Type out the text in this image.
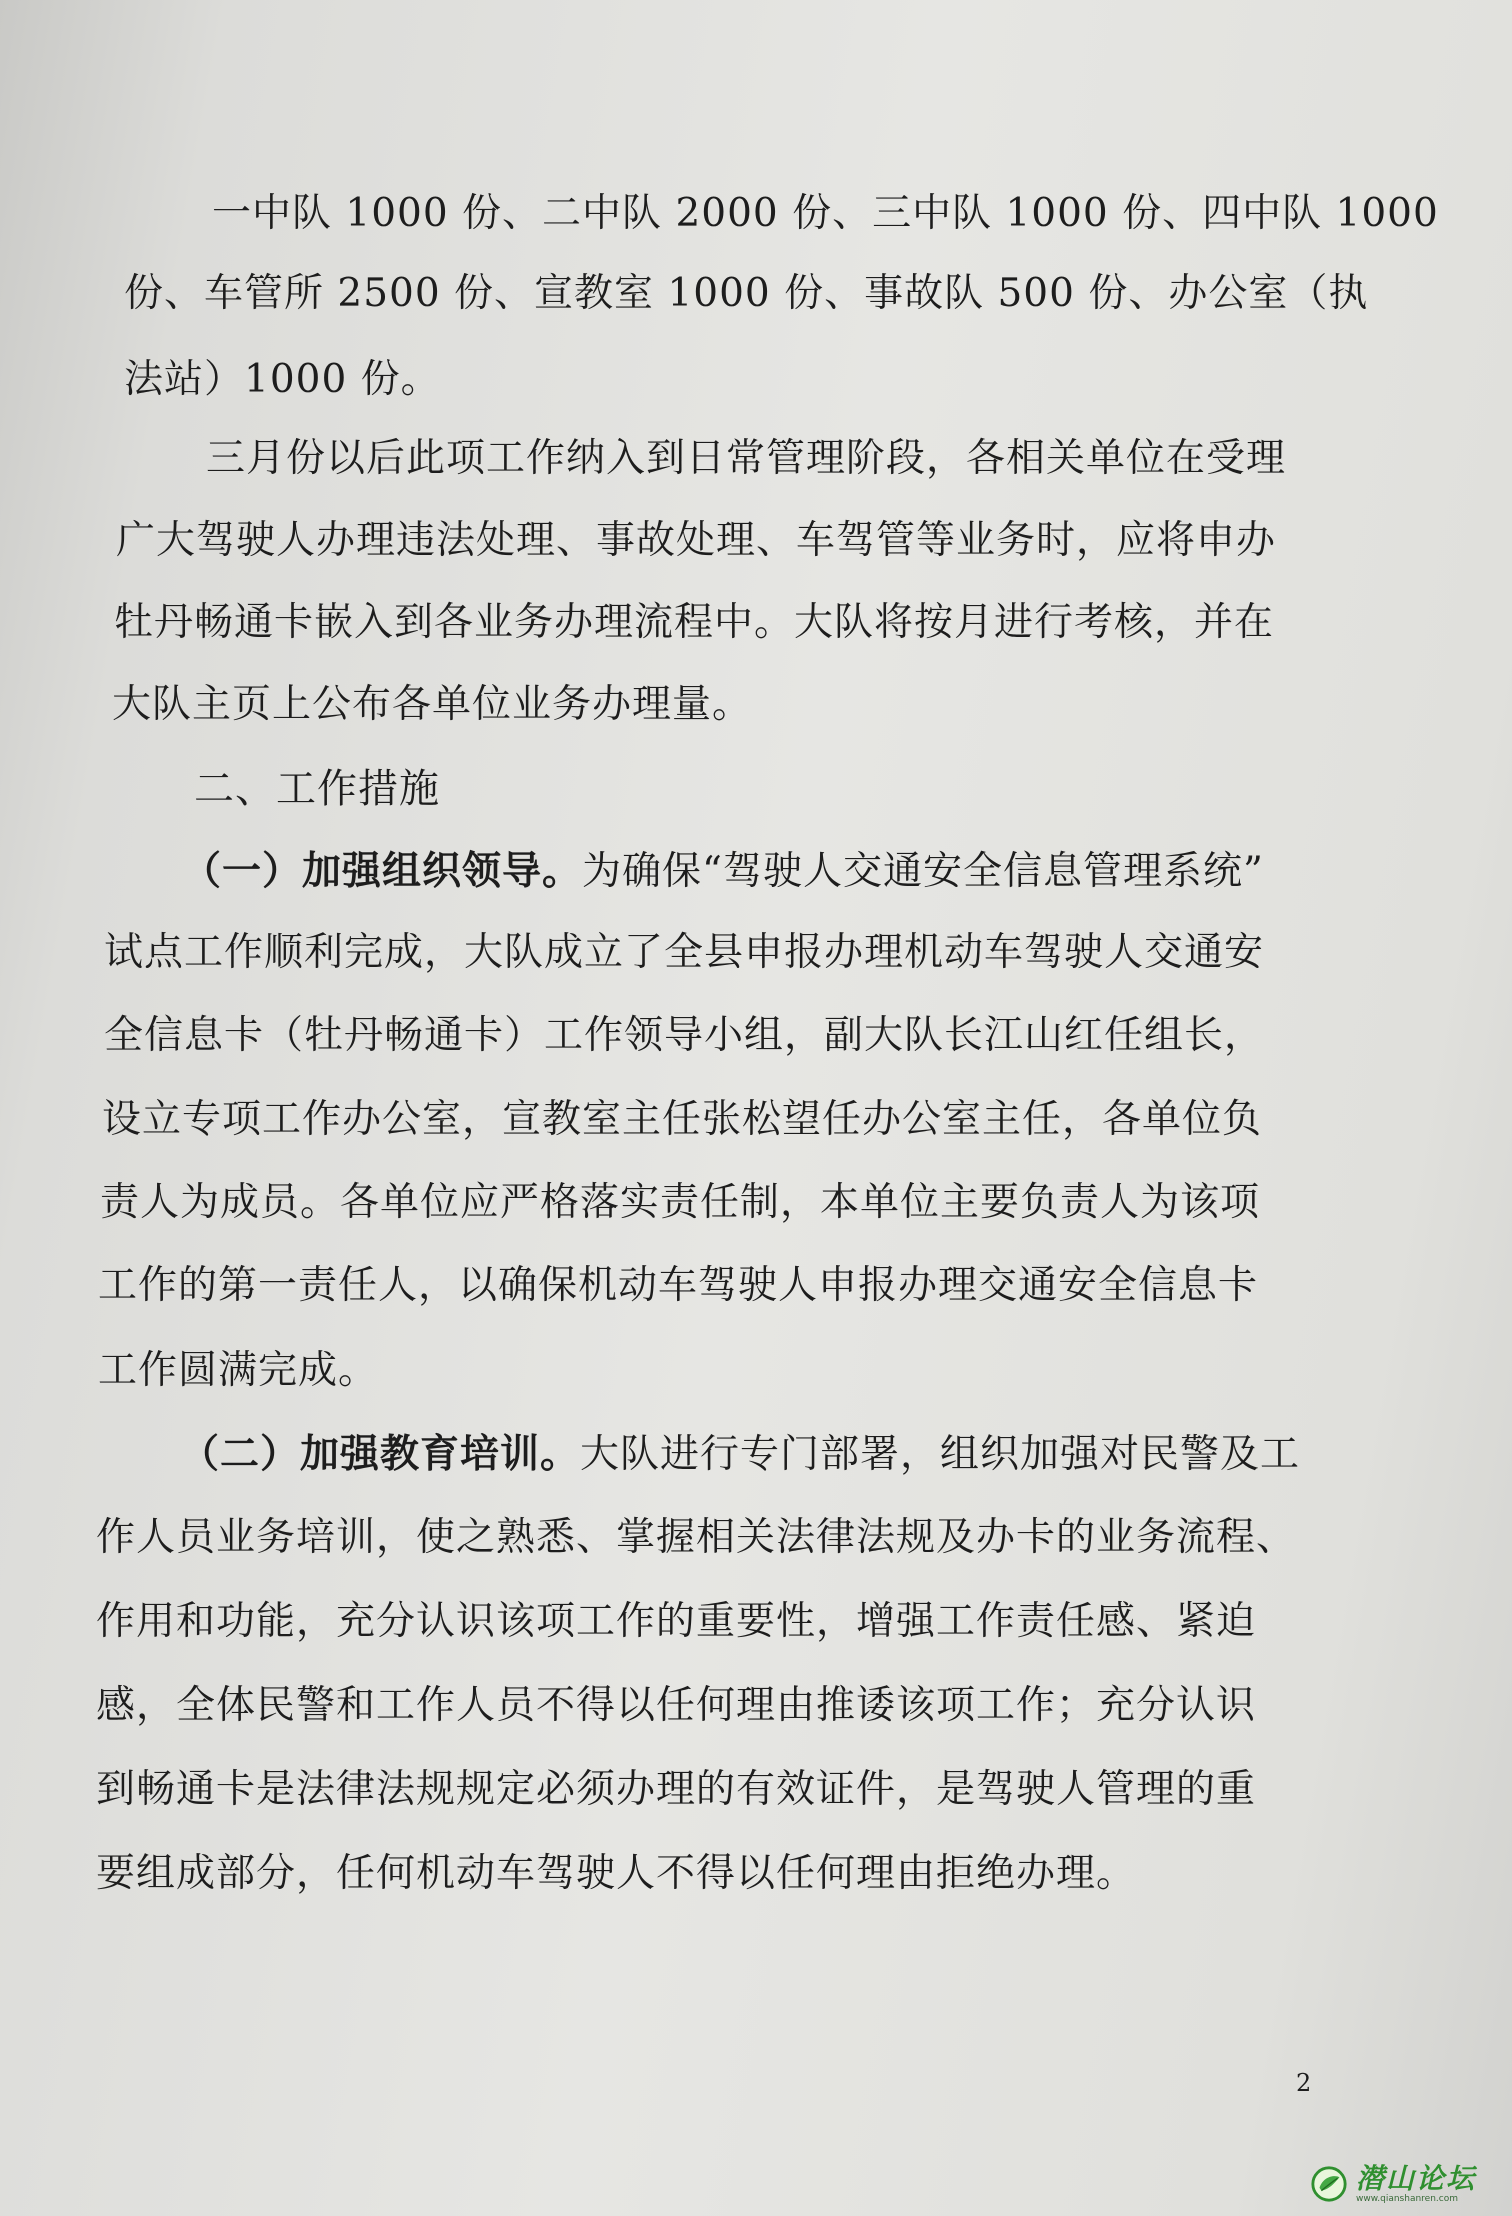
一中队 1000 份、二中队 2000 份、三中队 1000 份、四中队 1000
份、车管所 2500 份、宣教室 1000 份、事故队 500 份、办公室（执
法站）1000 份。
三月份以后此项工作纳入到日常管理阶段，各相关单位在受理
广大驾驶人办理违法处理、事故处理、车驾管等业务时，应将申办
牡丹畅通卡嵌入到各业务办理流程中。大队将按月进行考核，并在
大队主页上公布各单位业务办理量。
二、工作措施
（一）加强组织领导。为确保“驾驶人交通安全信息管理系统”
试点工作顺利完成，大队成立了全县申报办理机动车驾驶人交通安
全信息卡（牡丹畅通卡）工作领导小组，副大队长江山红任组长，
设立专项工作办公室，宣教室主任张松望任办公室主任，各单位负
责人为成员。各单位应严格落实责任制，本单位主要负责人为该项
工作的第一责任人，以确保机动车驾驶人申报办理交通安全信息卡
工作圆满完成。
（二）加强教育培训。大队进行专门部署，组织加强对民警及工
作人员业务培训，使之熟悉、掌握相关法律法规及办卡的业务流程、
作用和功能，充分认识该项工作的重要性，增强工作责任感、紧迫
感，全体民警和工作人员不得以任何理由推诿该项工作；充分认识
到畅通卡是法律法规规定必须办理的有效证件，是驾驶人管理的重
要组成部分，任何机动车驾驶人不得以任何理由拒绝办理。
2
潜山论坛
www.qianshanren.com
